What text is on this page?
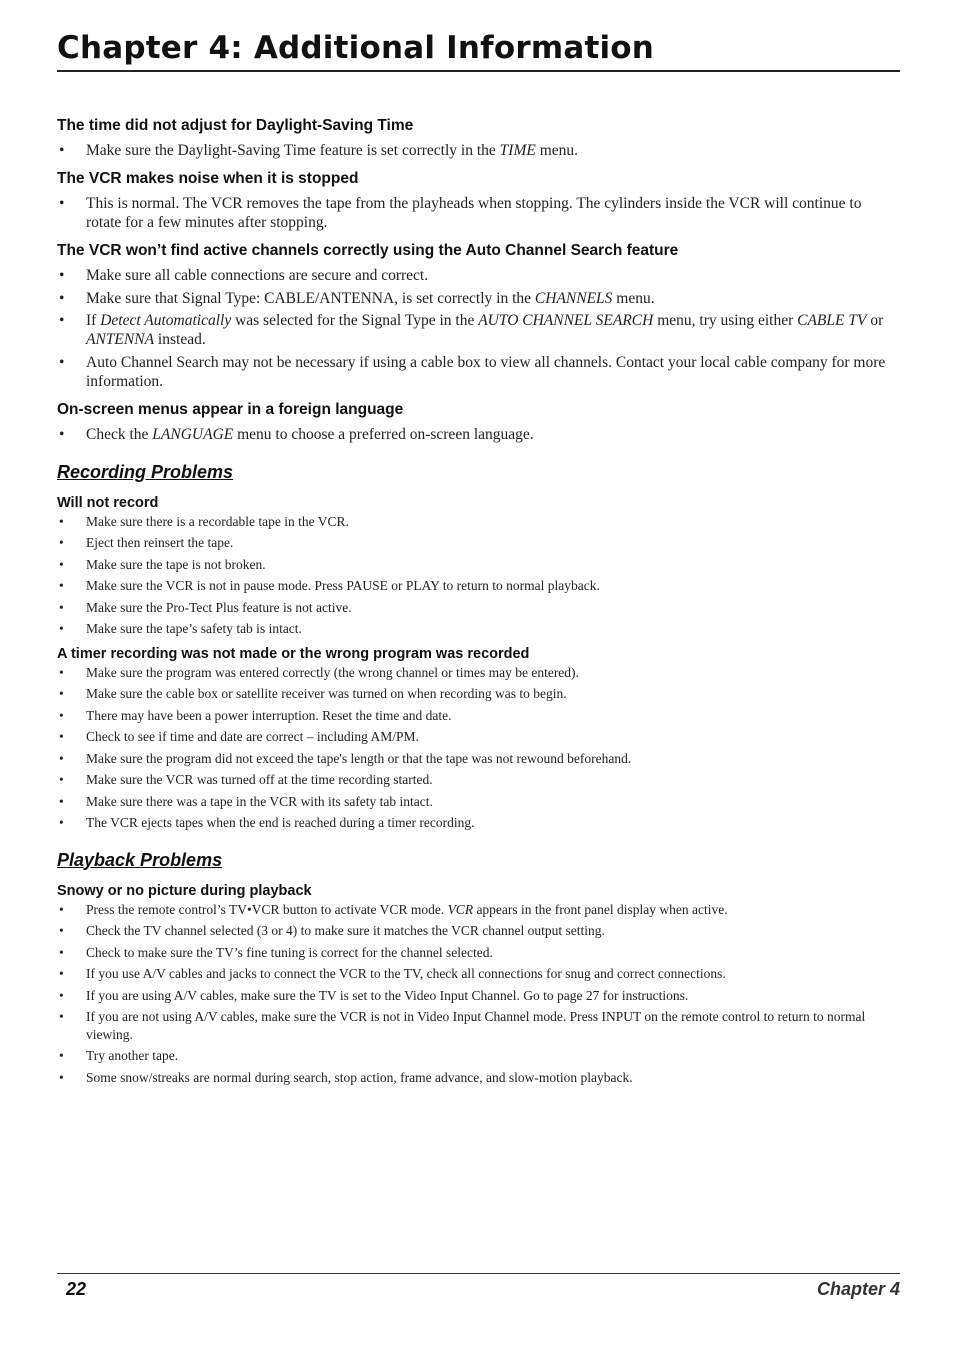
Chapter 4: Additional Information
The time did not adjust for Daylight-Saving Time
• Make sure the Daylight-Saving Time feature is set correctly in the TIME menu.
The VCR makes noise when it is stopped
• This is normal. The VCR removes the tape from the playheads when stopping. The cylinders inside the VCR will continue to rotate for a few minutes after stopping.
The VCR won’t find active channels correctly using the Auto Channel Search feature
• Make sure all cable connections are secure and correct.
• Make sure that Signal Type: CABLE/ANTENNA, is set correctly in the CHANNELS menu.
• If Detect Automatically was selected for the Signal Type in the AUTO CHANNEL SEARCH menu, try using either CABLE TV or ANTENNA instead.
• Auto Channel Search may not be necessary if using a cable box to view all channels. Contact your local cable company for more information.
On-screen menus appear in a foreign language
• Check the LANGUAGE menu to choose a preferred on-screen language.
Recording Problems
Will not record
• Make sure there is a recordable tape in the VCR.
• Eject then reinsert the tape.
• Make sure the tape is not broken.
• Make sure the VCR is not in pause mode. Press PAUSE or PLAY to return to normal playback.
• Make sure the Pro-Tect Plus feature is not active.
• Make sure the tape’s safety tab is intact.
A timer recording was not made or the wrong program was recorded
• Make sure the program was entered correctly (the wrong channel or times may be entered).
• Make sure the cable box or satellite receiver was turned on when recording was to begin.
• There may have been a power interruption. Reset the time and date.
• Check to see if time and date are correct – including AM/PM.
• Make sure the program did not exceed the tape's length or that the tape was not rewound beforehand.
• Make sure the VCR was turned off at the time recording started.
• Make sure there was a tape in the VCR with its safety tab intact.
• The VCR ejects tapes when the end is reached during a timer recording.
Playback Problems
Snowy or no picture during playback
• Press the remote control’s TV•VCR button to activate VCR mode. VCR appears in the front panel display when active.
• Check the TV channel selected (3 or 4) to make sure it matches the VCR channel output setting.
• Check to make sure the TV’s fine tuning is correct for the channel selected.
• If you use A/V cables and jacks to connect the VCR to the TV, check all connections for snug and correct connections.
• If you are using A/V cables, make sure the TV is set to the Video Input Channel. Go to page 27 for instructions.
• If you are not using A/V cables, make sure the VCR is not in Video Input Channel mode. Press INPUT on the remote control to return to normal viewing.
• Try another tape.
• Some snow/streaks are normal during search, stop action, frame advance, and slow-motion playback.
22	Chapter 4
